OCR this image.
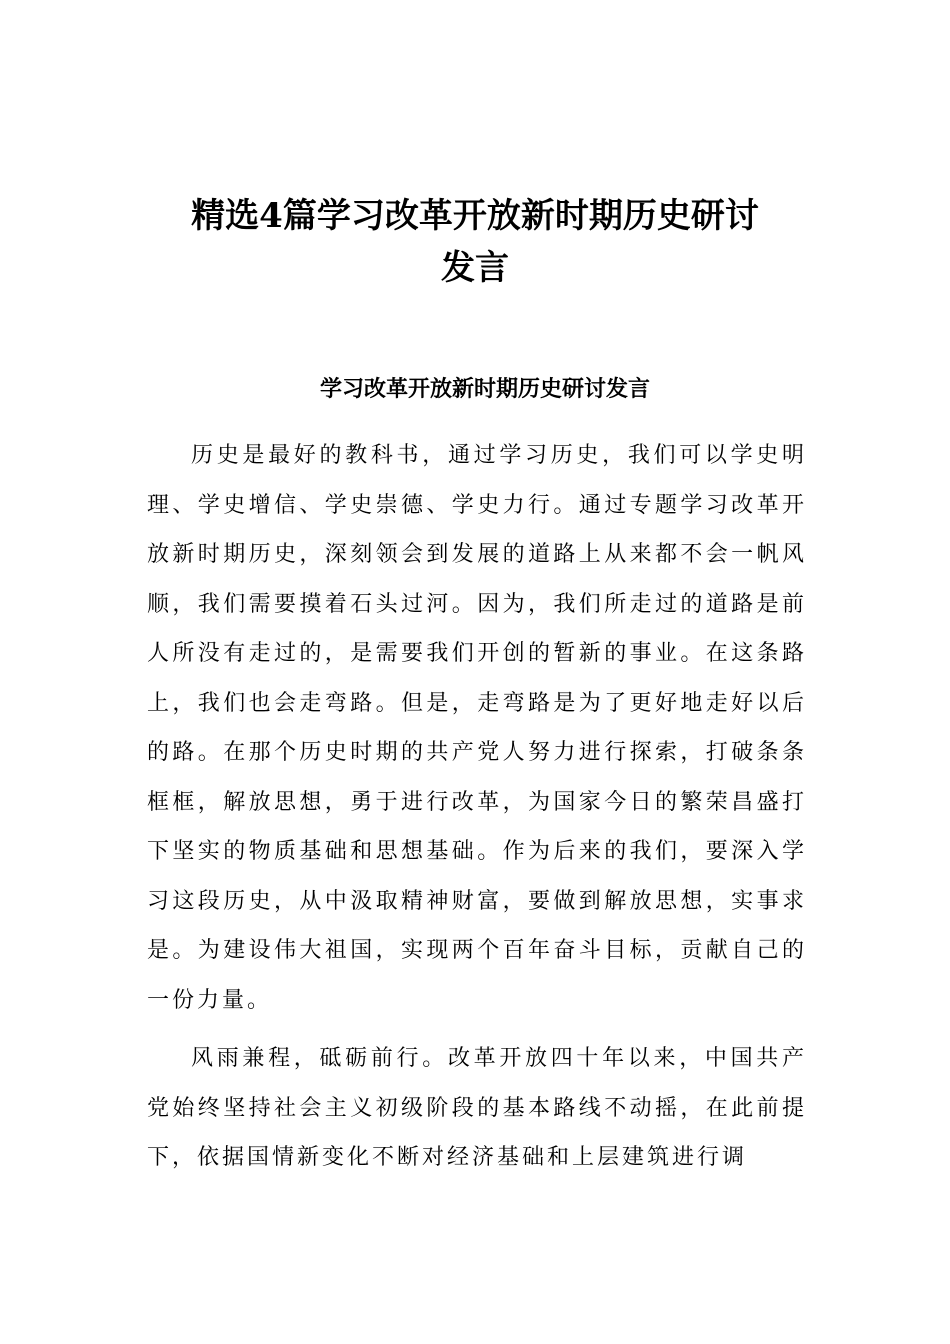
精选4篇学习改革开放新时期历史研讨
发言
学习改革开放新时期历史研讨发言

历史是最好的教科书，通过学习历史，我们可以学史明理、学史增信、学史崇德、学史力行。通过专题学习改革开放新时期历史，深刻领会到发展的道路上从来都不会一帆风顺，我们需要摸着石头过河。因为，我们所走过的道路是前人所没有走过的，是需要我们开创的暂新的事业。在这条路上，我们也会走弯路。但是，走弯路是为了更好地走好以后的路。在那个历史时期的共产党人努力进行探索，打破条条框框，解放思想，勇于进行改革，为国家今日的繁荣昌盛打下坚实的物质基础和思想基础。作为后来的我们，要深入学习这段历史，从中汲取精神财富，要做到解放思想，实事求是。为建设伟大祖国，实现两个百年奋斗目标，贡献自己的一份力量。

风雨兼程，砥砺前行。改革开放四十年以来，中国共产党始终坚持社会主义初级阶段的基本路线不动摇，在此前提下，依据国情新变化不断对经济基础和上层建筑进行调
